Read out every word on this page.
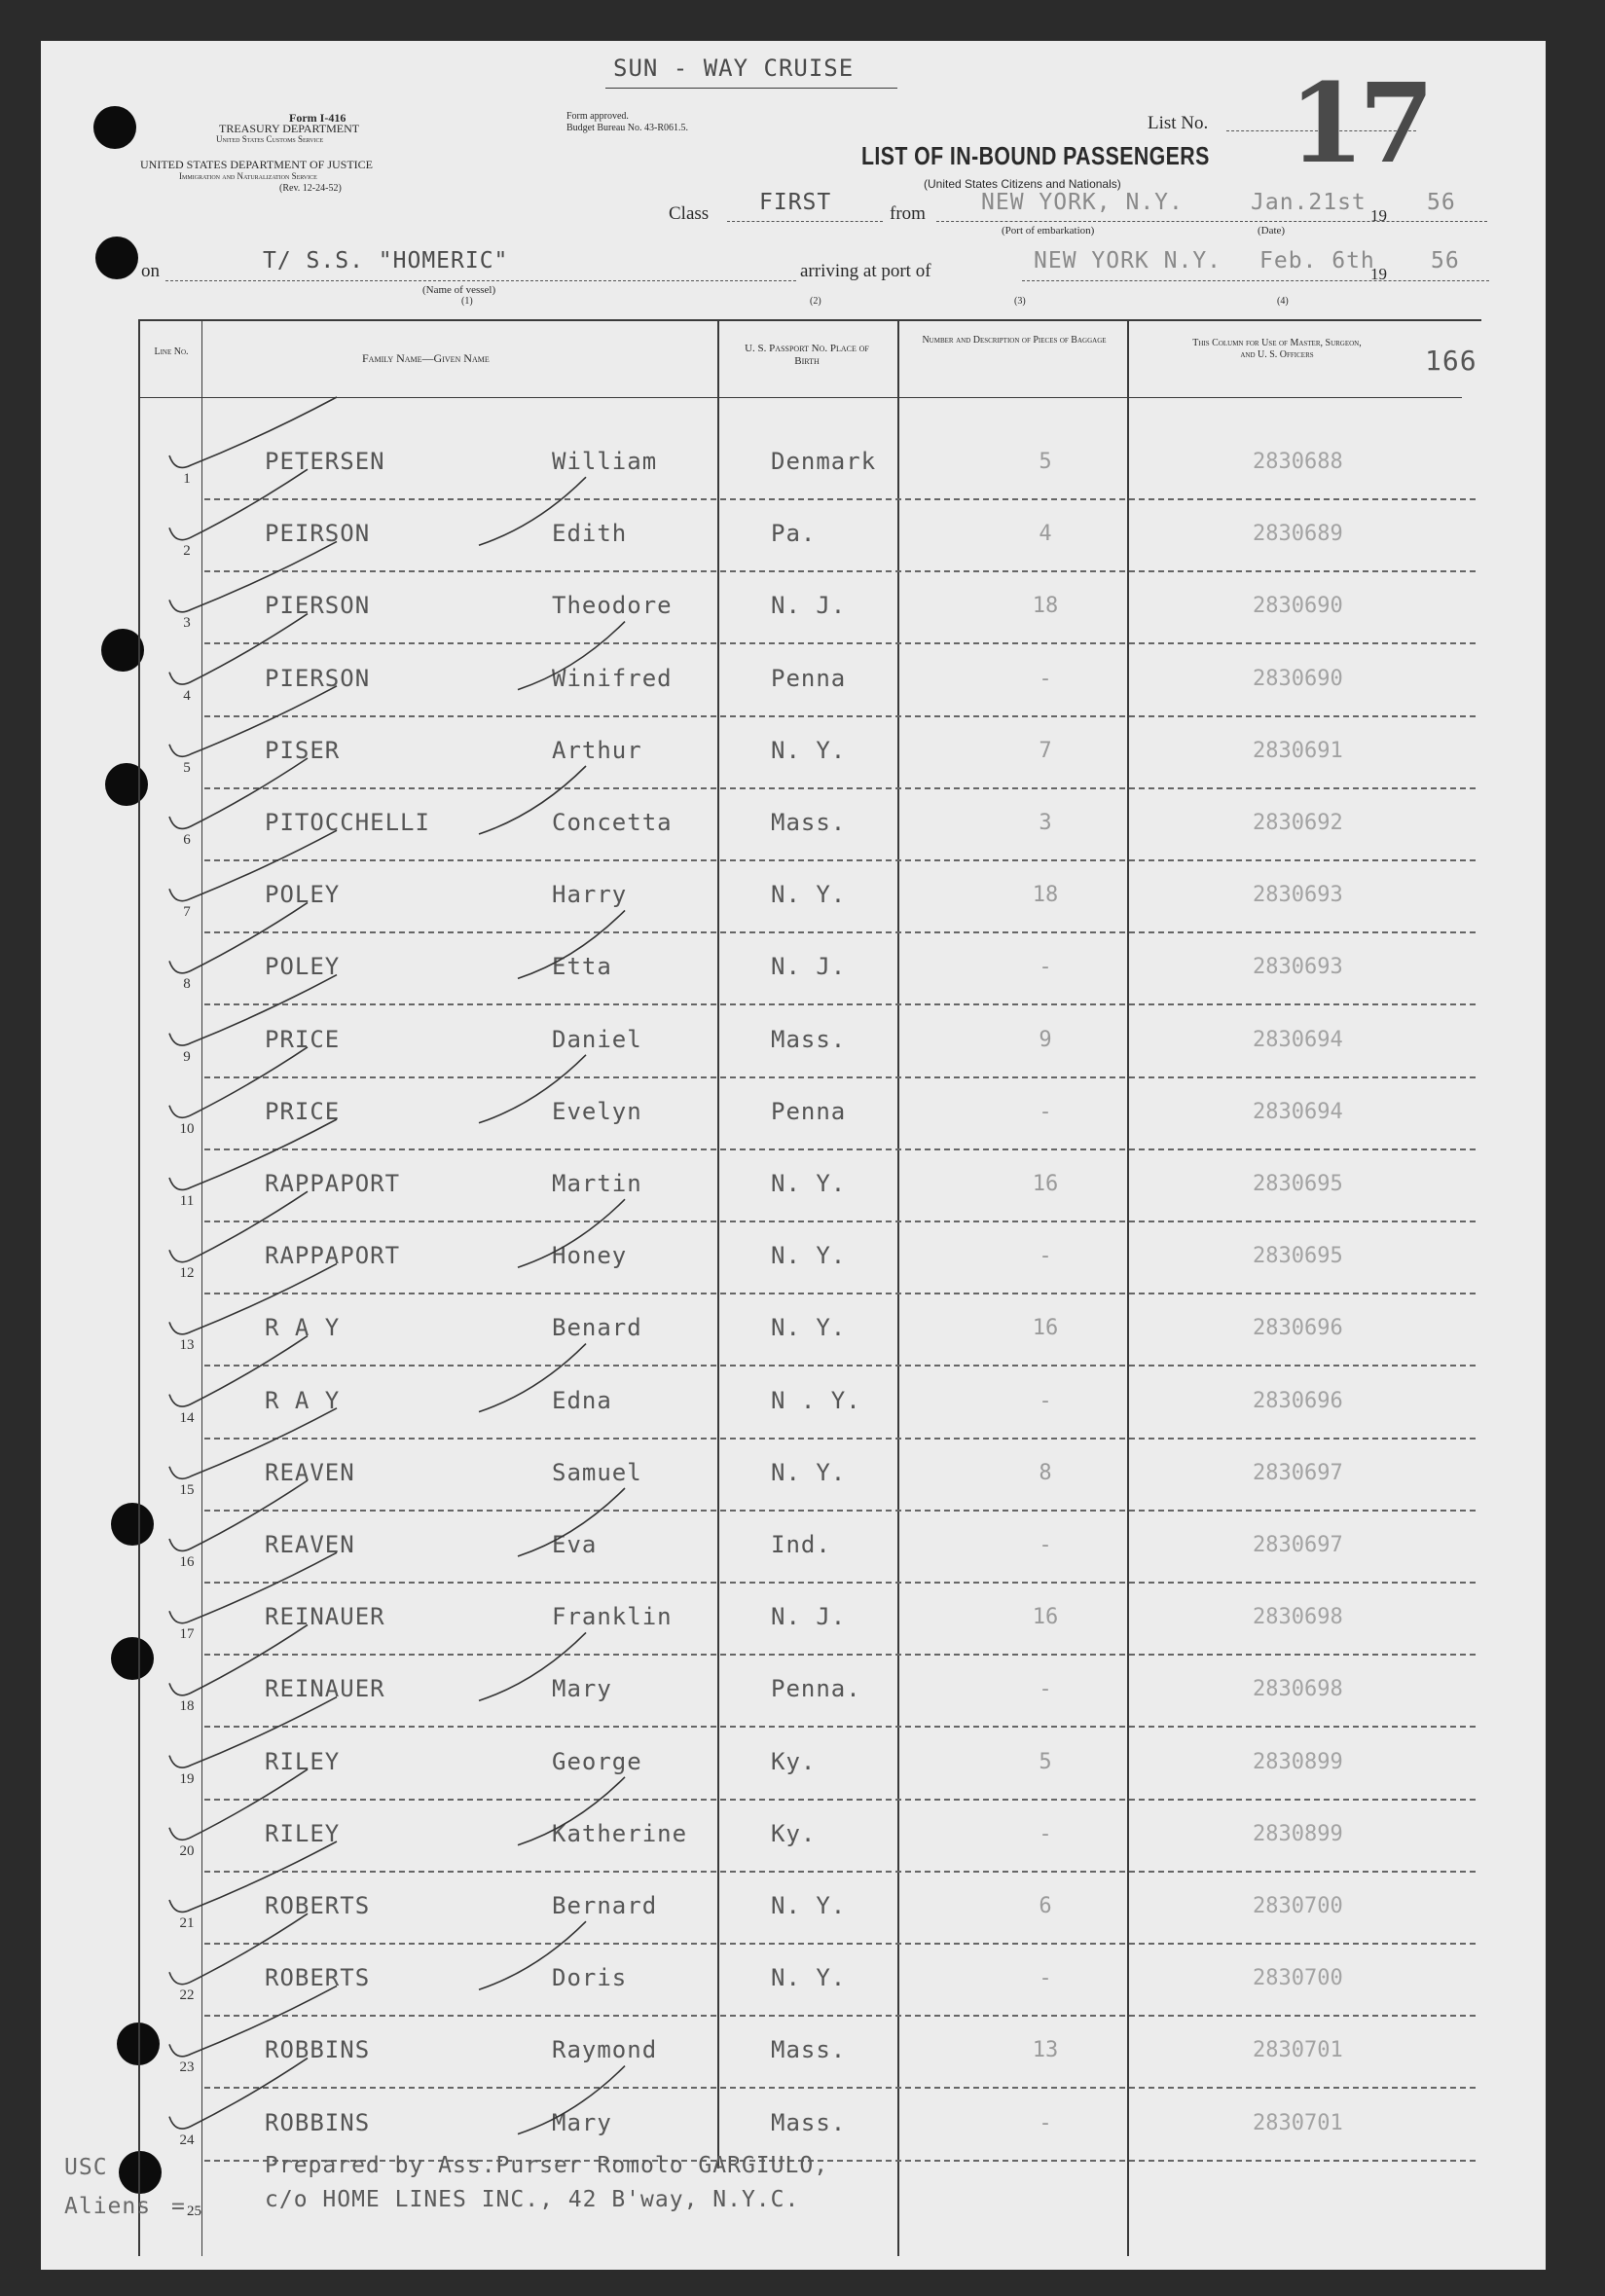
SUN - WAY CRUISE
Form I-416
TREASURY DEPARTMENT
United States Customs Service
UNITED STATES DEPARTMENT OF JUSTICE
Immigration and Naturalization Service
(Rev. 12-24-52)
Form approved.
Budget Bureau No. 43-R061.5.	List No. 17
LIST OF IN-BOUND PASSENGERS
(United States Citizens and Nationals)
Class FIRST	from NEW YORK, N.Y.
(Port of embarkation)
Jan.21st
19
56
(Date)
on	T/ S.S. "HOMERIC"
(Name of vessel)
(1)
arriving at port of	NEW YORK N.Y. Feb. 6th
19
56
(2)	(3)	(4)
Line No.	Family Name—Given Name
U. S. Passport No. Place of Birth
Number and Description of Pieces of Baggage	This Column for Use of Master, Surgeon, and U. S. Officers	166
1
PETERSEN	William	Denmark	5	2830688
2
PEIRSON	Edith	Pa.	4	2830689
3
PIERSON	Theodore	N. J.	18	2830690
4
PIERSON	Winifred	Penna	-	2830690
5
PISER	Arthur	N. Y.	7	2830691
6
PITOCCHELLI	Concetta	Mass.	3	2830692
7
POLEY	Harry	N. Y.	18	2830693
8
POLEY	Etta	N. J.	-	2830693
9
PRICE	Daniel	Mass.	9	2830694
10
PRICE	Evelyn	Penna	-	2830694
11
RAPPAPORT	Martin	N. Y.	16	2830695
12
RAPPAPORT	Honey	N. Y.	-	2830695
13
R A Y	Benard	N. Y.	16	2830696
14
R A Y	Edna	N . Y.	-	2830696
15
REAVEN	Samuel	N. Y.	8	2830697
16
REAVEN	Eva	Ind.	-	2830697
17
REINAUER	Franklin	N. J.	16	2830698
18
REINAUER	Mary	Penna.	-	2830698
19
RILEY	George	Ky.	5	2830899
20
RILEY	Katherine	Ky.	-	2830899
21
ROBERTS	Bernard	N. Y.	6	2830700
22
ROBERTS	Doris	N. Y.	-	2830700
23
ROBBINS	Raymond	Mass.	13	2830701
24
ROBBINS	Mary	Mass.	-	2830701
Prepared by Ass.Purser Romolo GARGIULO,
c/o HOME LINES INC., 42 B'way, N.Y.C.
25
USC
Aliens =
